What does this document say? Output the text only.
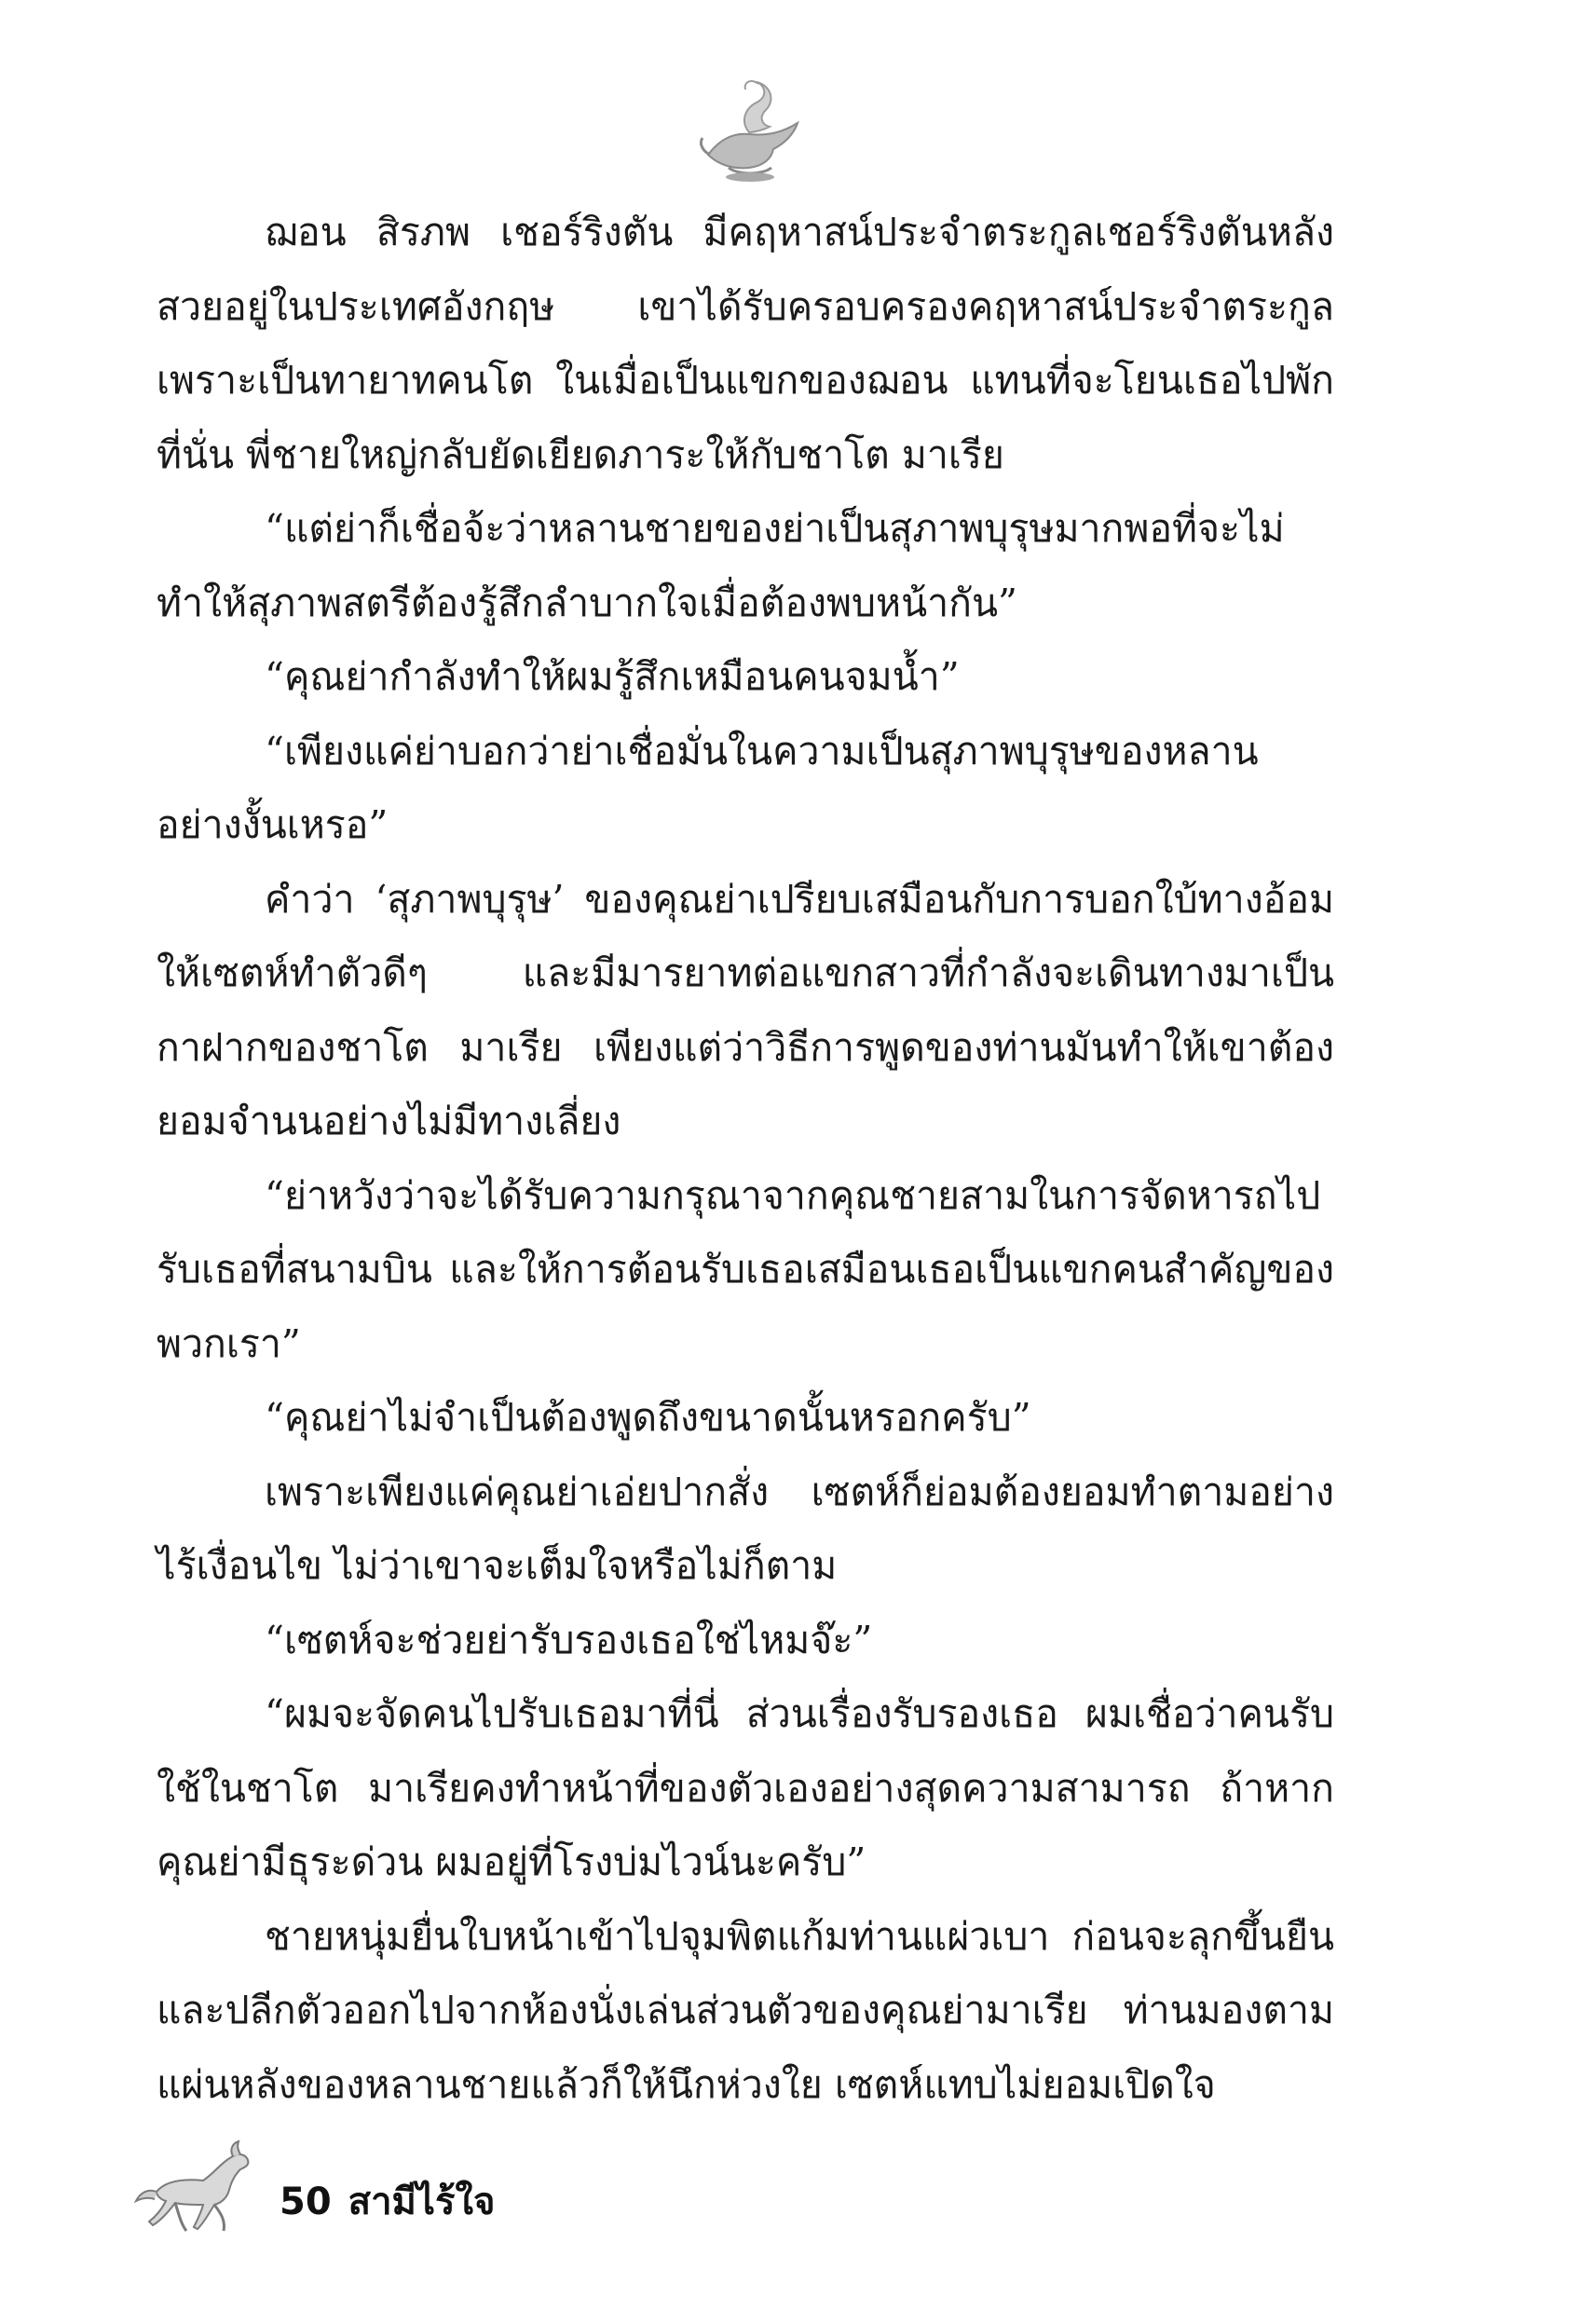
ฌอน สิรภพ เชอร์ริงตัน มีคฤหาสน์ประจำตระกูลเชอร์ริงตันหลังสวยอยู่ในประเทศอังกฤษ เขาได้รับครอบครองคฤหาสน์ประจำตระกูลเพราะเป็นทายาทคนโต ในเมื่อเป็นแขกของฌอน แทนที่จะโยนเธอไปพักที่นั่น พี่ชายใหญ่กลับยัดเยียดภาระให้กับชาโต มาเรีย

“แต่ย่าก็เชื่อจ้ะว่าหลานชายของย่าเป็นสุภาพบุรุษมากพอที่จะไม่ทำให้สุภาพสตรีต้องรู้สึกลำบากใจเมื่อต้องพบหน้ากัน”

“คุณย่ากำลังทำให้ผมรู้สึกเหมือนคนจมน้ำ”

“เพียงแค่ย่าบอกว่าย่าเชื่อมั่นในความเป็นสุภาพบุรุษของหลานอย่างงั้นเหรอ”

คำว่า ‘สุภาพบุรุษ’ ของคุณย่าเปรียบเสมือนกับการบอกใบ้ทางอ้อมให้เซตห์ทำตัวดีๆ และมีมารยาทต่อแขกสาวที่กำลังจะเดินทางมาเป็นกาฝากของชาโต มาเรีย เพียงแต่ว่าวิธีการพูดของท่านมันทำให้เขาต้องยอมจำนนอย่างไม่มีทางเลี่ยง

“ย่าหวังว่าจะได้รับความกรุณาจากคุณชายสามในการจัดหารถไปรับเธอที่สนามบิน และให้การต้อนรับเธอเสมือนเธอเป็นแขกคนสำคัญของพวกเรา”

“คุณย่าไม่จำเป็นต้องพูดถึงขนาดนั้นหรอกครับ”

เพราะเพียงแค่คุณย่าเอ่ยปากสั่ง เซตห์ก็ย่อมต้องยอมทำตามอย่างไร้เงื่อนไข ไม่ว่าเขาจะเต็มใจหรือไม่ก็ตาม

“เซตห์จะช่วยย่ารับรองเธอใช่ไหมจ๊ะ”

“ผมจะจัดคนไปรับเธอมาที่นี่ ส่วนเรื่องรับรองเธอ ผมเชื่อว่าคนรับใช้ในชาโต มาเรียคงทำหน้าที่ของตัวเองอย่างสุดความสามารถ ถ้าหากคุณย่ามีธุระด่วน ผมอยู่ที่โรงบ่มไวน์นะครับ”

ชายหนุ่มยื่นใบหน้าเข้าไปจุมพิตแก้มท่านแผ่วเบา ก่อนจะลุกขึ้นยืนและปลีกตัวออกไปจากห้องนั่งเล่นส่วนตัวของคุณย่ามาเรีย ท่านมองตามแผ่นหลังของหลานชายแล้วก็ให้นึกห่วงใย เซตห์แทบไม่ยอมเปิดใจ

50 สามีไร้ใจ
